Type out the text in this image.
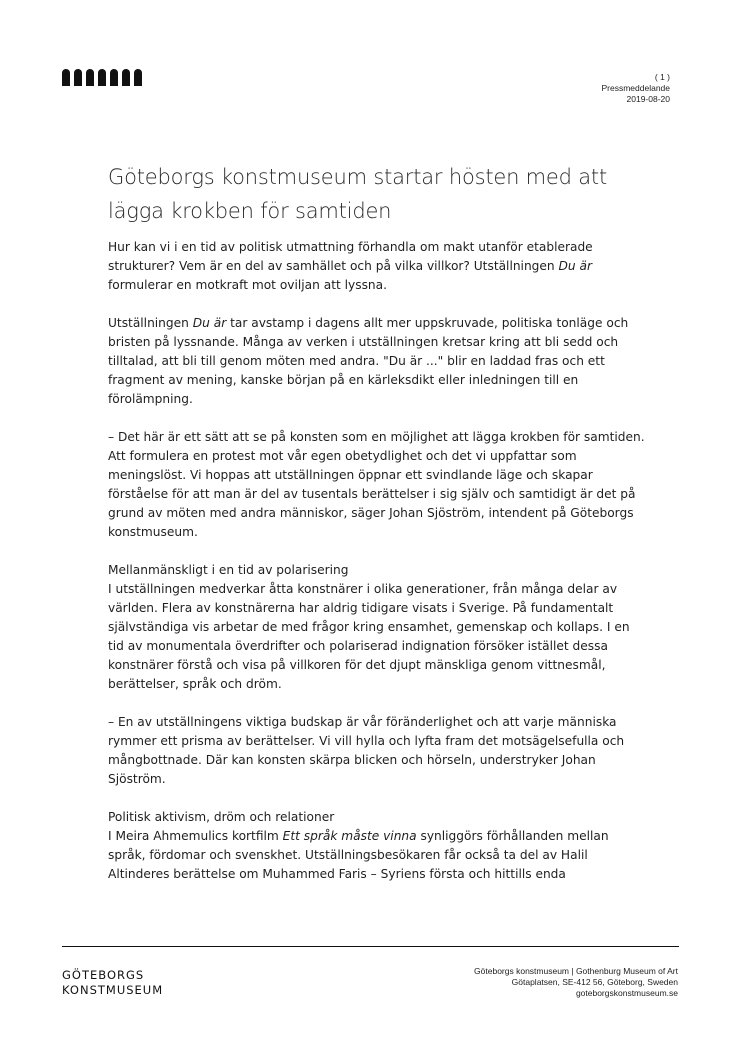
( 1 )
Pressmeddelande
2019-08-20
Göteborgs konstmuseum startar hösten med att lägga krokben för samtiden

Hur kan vi i en tid av politisk utmattning förhandla om makt utanför etablerade strukturer? Vem är en del av samhället och på vilka villkor? Utställningen Du är formulerar en motkraft mot oviljan att lyssna.

Utställningen Du är tar avstamp i dagens allt mer uppskruvade, politiska tonläge och bristen på lyssnande. Många av verken i utställningen kretsar kring att bli sedd och tilltalad, att bli till genom möten med andra. "Du är ..." blir en laddad fras och ett fragment av mening, kanske början på en kärleksdikt eller inledningen till en förolämpning.

– Det här är ett sätt att se på konsten som en möjlighet att lägga krokben för samtiden. Att formulera en protest mot vår egen obetydlighet och det vi uppfattar som meningslöst. Vi hoppas att utställningen öppnar ett svindlande läge och skapar förståelse för att man är del av tusentals berättelser i sig själv och samtidigt är det på grund av möten med andra människor, säger Johan Sjöström, intendent på Göteborgs konstmuseum.

Mellanmänskligt i en tid av polarisering
I utställningen medverkar åtta konstnärer i olika generationer, från många delar av världen. Flera av konstnärerna har aldrig tidigare visats i Sverige. På fundamentalt självständiga vis arbetar de med frågor kring ensamhet, gemenskap och kollaps. I en tid av monumentala överdrifter och polariserad indignation försöker istället dessa konstnärer förstå och visa på villkoren för det djupt mänskliga genom vittnesmål, berättelser, språk och dröm.

– En av utställningens viktiga budskap är vår föränderlighet och att varje människa rymmer ett prisma av berättelser. Vi vill hylla och lyfta fram det motsägelsefulla och mångbottnade. Där kan konsten skärpa blicken och hörseln, understryker Johan Sjöström.

Politisk aktivism, dröm och relationer
I Meira Ahmemulics kortfilm Ett språk måste vinna synliggörs förhållanden mellan språk, fördomar och svenskhet. Utställningsbesökaren får också ta del av Halil Altinderes berättelse om Muhammed Faris – Syriens första och hittills enda

GÖTEBORGS
KONSTMUSEUM
Göteborgs konstmuseum | Gothenburg Museum of Art
Götaplatsen, SE-412 56, Göteborg, Sweden
goteborgskonstmuseum.se
